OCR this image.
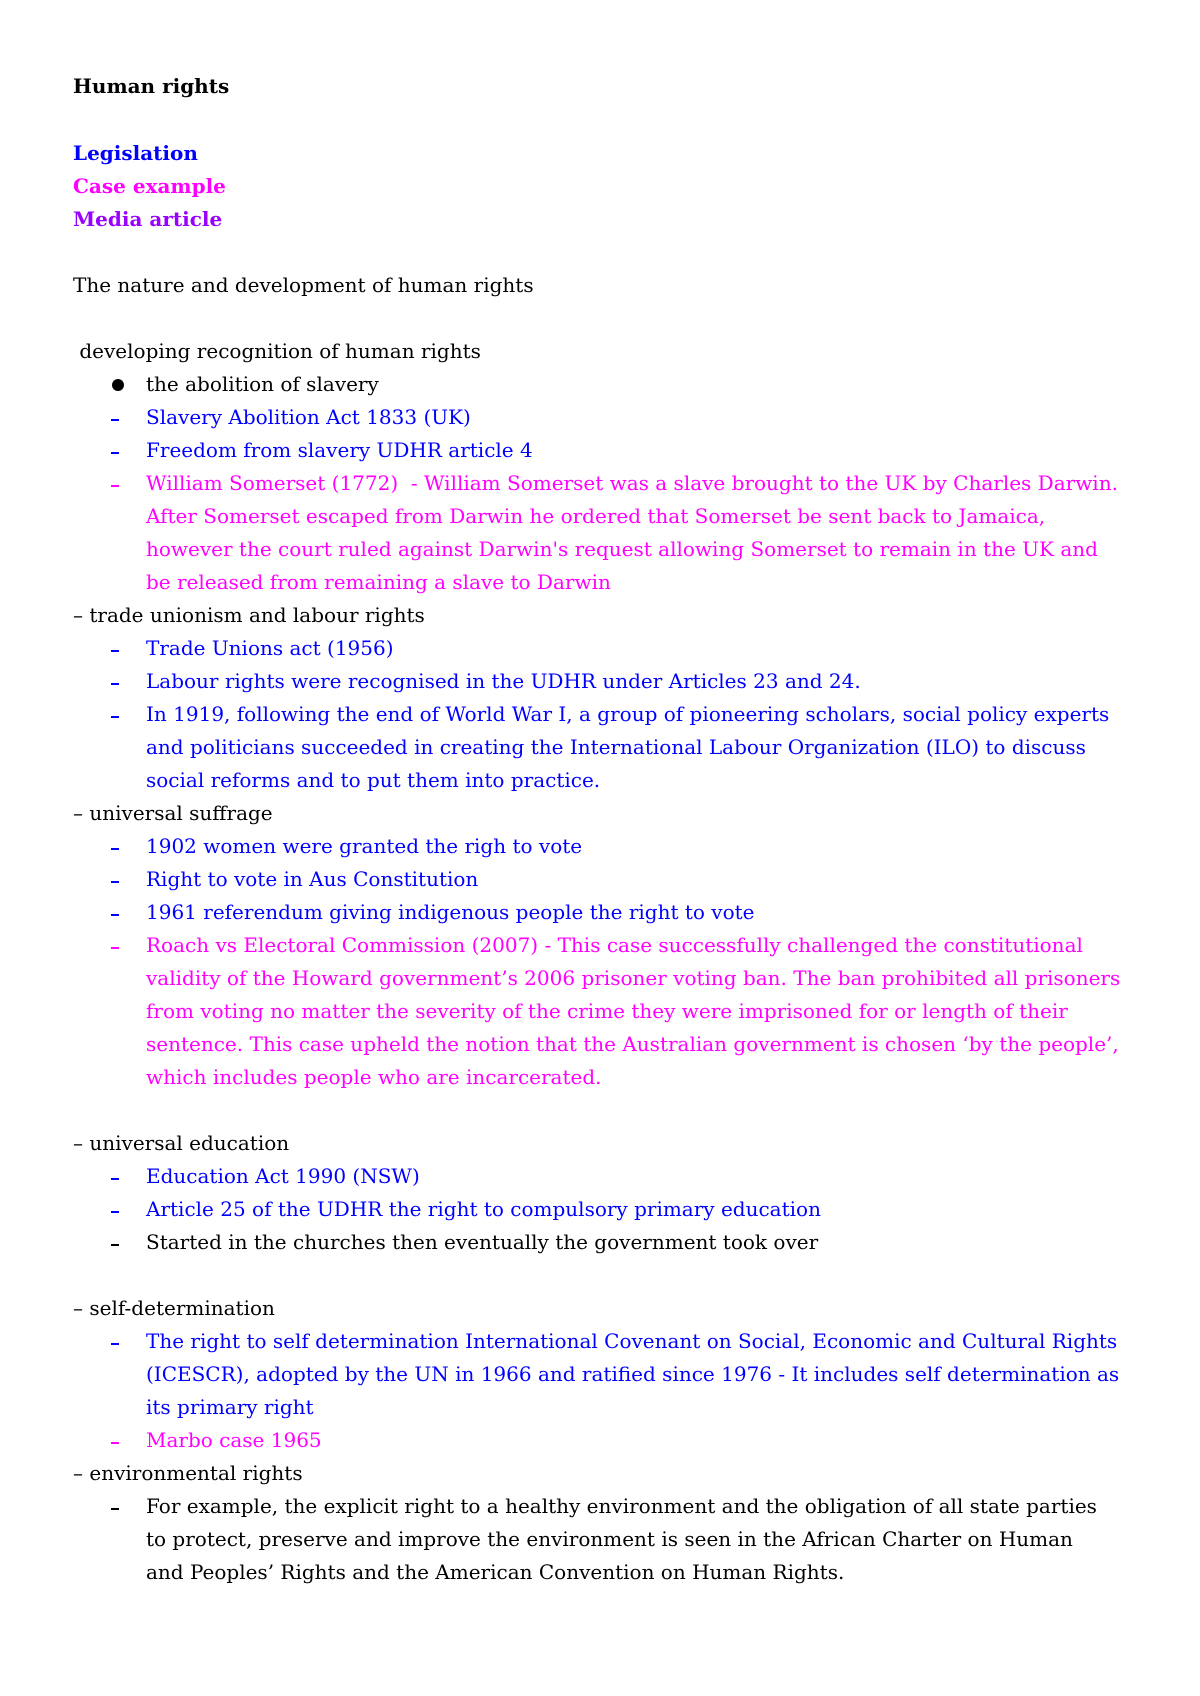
Human rights
Legislation
Case example
Media article
The nature and development of human rights
developing recognition of human rights
the abolition of slavery
Slavery Abolition Act 1833 (UK)
Freedom from slavery UDHR article 4
William Somerset (1772)  - William Somerset was a slave brought to the UK by Charles Darwin.
After Somerset escaped from Darwin he ordered that Somerset be sent back to Jamaica,
however the court ruled against Darwin's request allowing Somerset to remain in the UK and
be released from remaining a slave to Darwin
– trade unionism and labour rights
Trade Unions act (1956)
Labour rights were recognised in the UDHR under Articles 23 and 24.
In 1919, following the end of World War I, a group of pioneering scholars, social policy experts
and politicians succeeded in creating the International Labour Organization (ILO) to discuss
social reforms and to put them into practice.
– universal suffrage
1902 women were granted the righ to vote
Right to vote in Aus Constitution
1961 referendum giving indigenous people the right to vote
Roach vs Electoral Commission (2007) - This case successfully challenged the constitutional
validity of the Howard government’s 2006 prisoner voting ban. The ban prohibited all prisoners
from voting no matter the severity of the crime they were imprisoned for or length of their
sentence. This case upheld the notion that the Australian government is chosen ‘by the people’,
which includes people who are incarcerated.
– universal education
Education Act 1990 (NSW)
Article 25 of the UDHR the right to compulsory primary education
Started in the churches then eventually the government took over
– self-determination
The right to self determination International Covenant on Social, Economic and Cultural Rights
(ICESCR), adopted by the UN in 1966 and ratified since 1976 - It includes self determination as
its primary right
Marbo case 1965
– environmental rights
For example, the explicit right to a healthy environment and the obligation of all state parties
to protect, preserve and improve the environment is seen in the African Charter on Human
and Peoples’ Rights and the American Convention on Human Rights.
